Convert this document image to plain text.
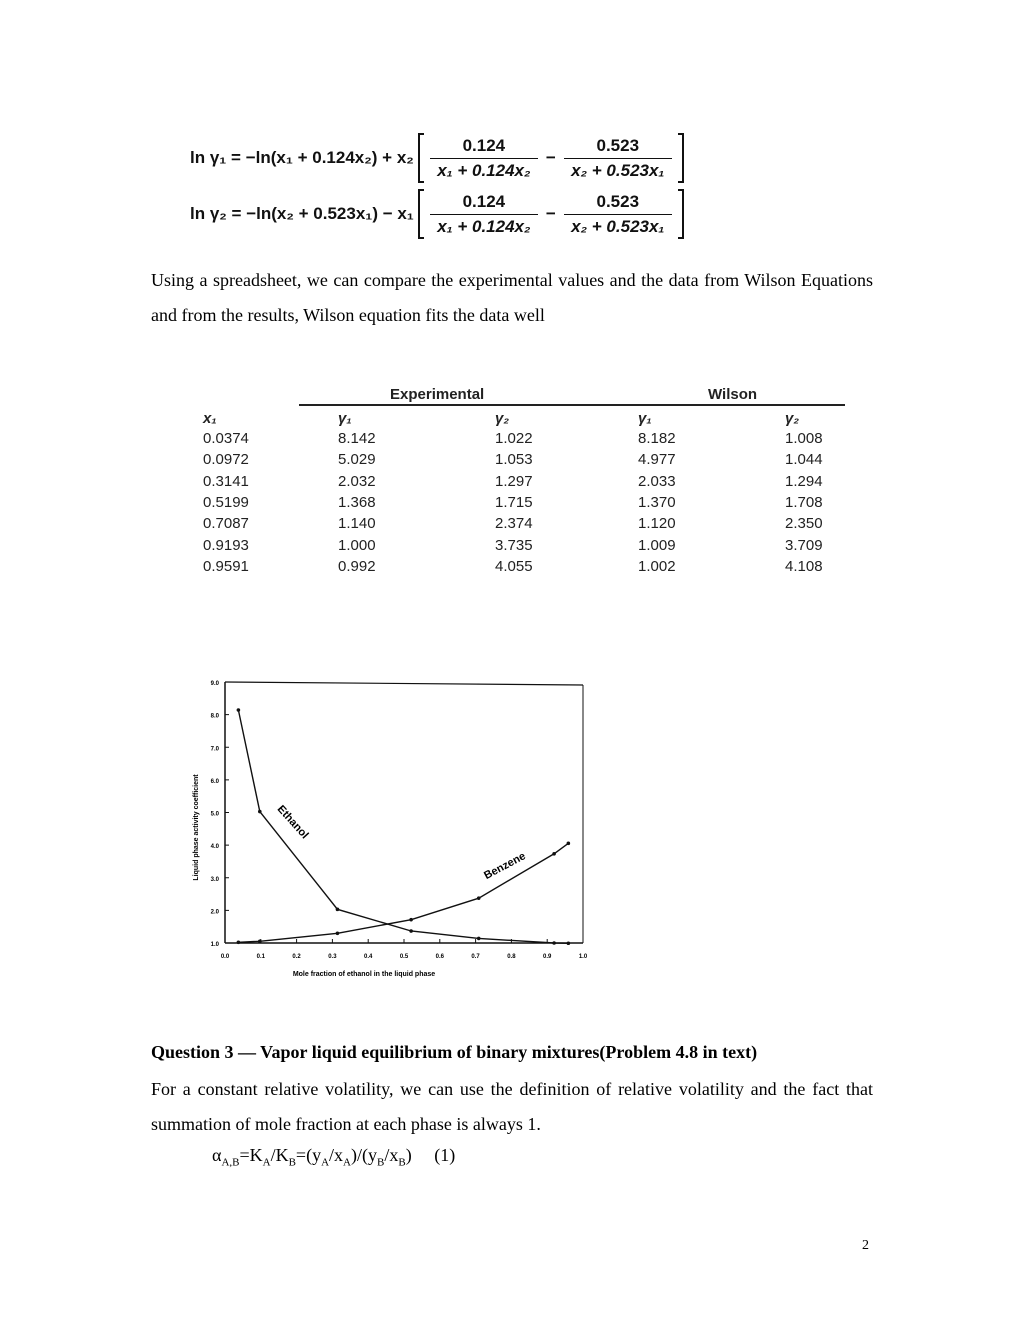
$\ln \gamma_1 = -\ln(x_1 + 0.124x_2) + x_2 \frac{0.124}{\text{x₁ + 0.124x₂}} - \frac{0.523}{\text{x₂ + 0.523x₁}}$
$\ln \gamma_2 = -\ln(x_2 + 0.523x_1) - x_1 \frac{0.124}{\text{x₁ + 0.124x₂}} - \frac{0.523}{\text{x₂ + 0.523x₁}}$
Using a spreadsheet, we can compare the experimental values and the data from Wilson Equations and from the results, Wilson equation fits the data well
Experimental	Wilson
x₁	γ₁	γ₂	γ₁	γ₂
0.0374	8.142	1.022	8.182	1.008
0.0972	5.029	1.053	4.977	1.044
0.3141	2.032	1.297	2.033	1.294
0.5199	1.368	1.715	1.370	1.708
0.7087	1.140	2.374	1.120	2.350
0.9193	1.000	3.735	1.009	3.709
0.9591	0.992	4.055	1.002	4.108
1.0
2.0
3.0
4.0
5.0
6.0
7.0
8.0
9.0
0.0	0.1	0.2	0.3	0.4	0.5	0.6	0.7	0.8	0.9	1.0
Mole fraction of ethanol in the liquid phase
Liquid phase activity coefficient	Ethanol
Benzene
Question 3 — Vapor liquid equilibrium of binary mixtures(Problem 4.8 in text)
For a constant relative volatility, we can use the definition of relative volatility and the fact that summation of mole fraction at each phase is always 1.
$\alpha_{A,B}=K_A/K_B=(y_A/x_A)/(y_B/x_B)$     (1)
2
